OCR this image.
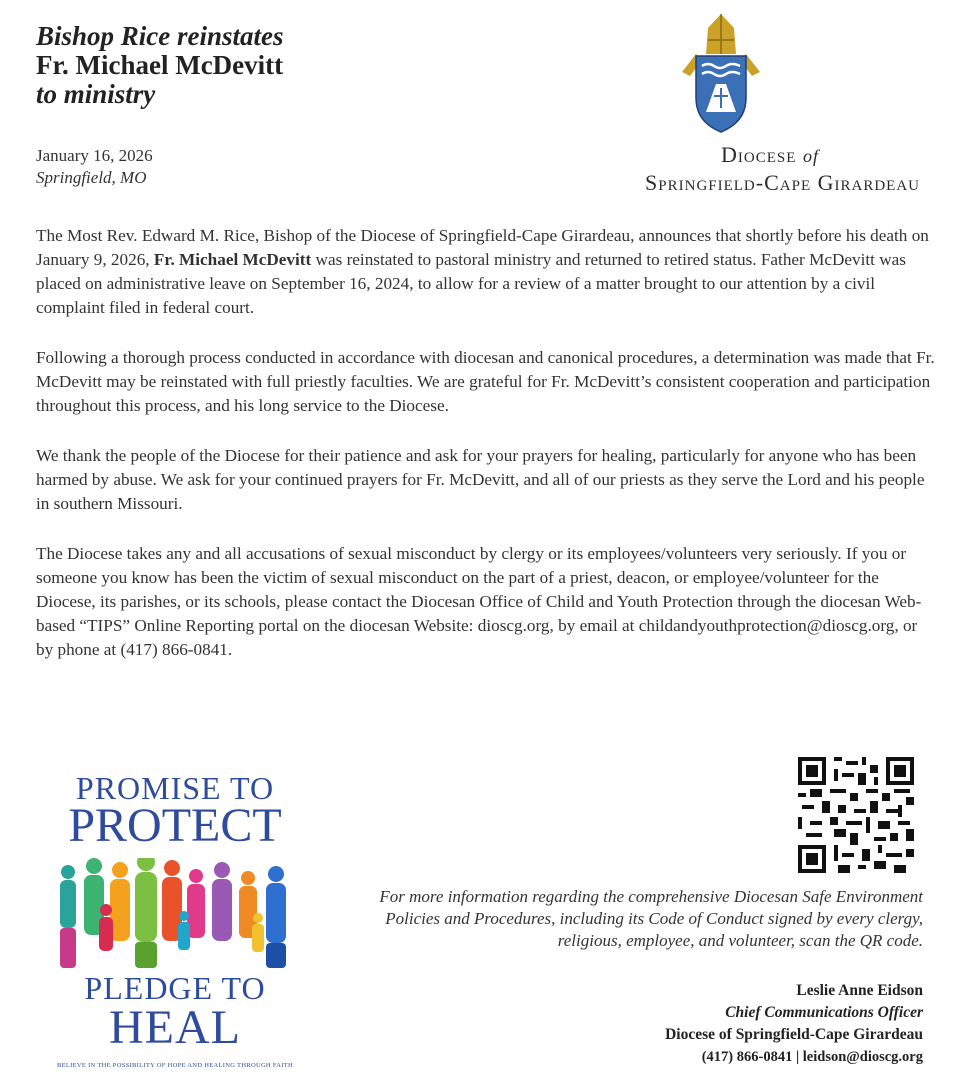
Bishop Rice reinstates
Fr. Michael McDevitt
to ministry
January 16, 2026
Springfield, MO
Diocese of
Springfield-Cape Girardeau

The Most Rev. Edward M. Rice, Bishop of the Diocese of Springfield-Cape Girardeau, announces that shortly before his death on January 9, 2026, Fr. Michael McDevitt was reinstated to pastoral ministry and returned to retired status. Father McDevitt was placed on administrative leave on September 16, 2024, to allow for a review of a matter brought to our attention by a civil complaint filed in federal court.

Following a thorough process conducted in accordance with diocesan and canonical procedures, a determination was made that Fr. McDevitt may be reinstated with full priestly faculties. We are grateful for Fr. McDevitt’s consistent cooperation and participation throughout this process, and his long service to the Diocese.

We thank the people of the Diocese for their patience and ask for your prayers for healing, particularly for anyone who has been harmed by abuse. We ask for your continued prayers for Fr. McDevitt, and all of our priests as they serve the Lord and his people in southern Missouri.

The Diocese takes any and all accusations of sexual misconduct by clergy or its employees/volunteers very seriously. If you or someone you know has been the victim of sexual misconduct on the part of a priest, deacon, or employee/volunteer for the Diocese, its parishes, or its schools, please contact the Diocesan Office of Child and Youth Protection through the diocesan Web-based “TIPS” Online Reporting portal on the diocesan Website: dioscg.org, by email at childandyouthprotection@dioscg.org, or by phone at (417) 866-0841.

PROMISE TO
PROTECT
PLEDGE TO
HEAL
BELIEVE IN THE POSSIBILITY OF HOPE AND HEALING THROUGH FAITH
For more information regarding the comprehensive Diocesan Safe Environment Policies and Procedures, including its Code of Conduct signed by every clergy, religious, employee, and volunteer, scan the QR code.
Leslie Anne Eidson
Chief Communications Officer
Diocese of Springfield-Cape Girardeau
(417) 866-0841 | leidson@dioscg.org
